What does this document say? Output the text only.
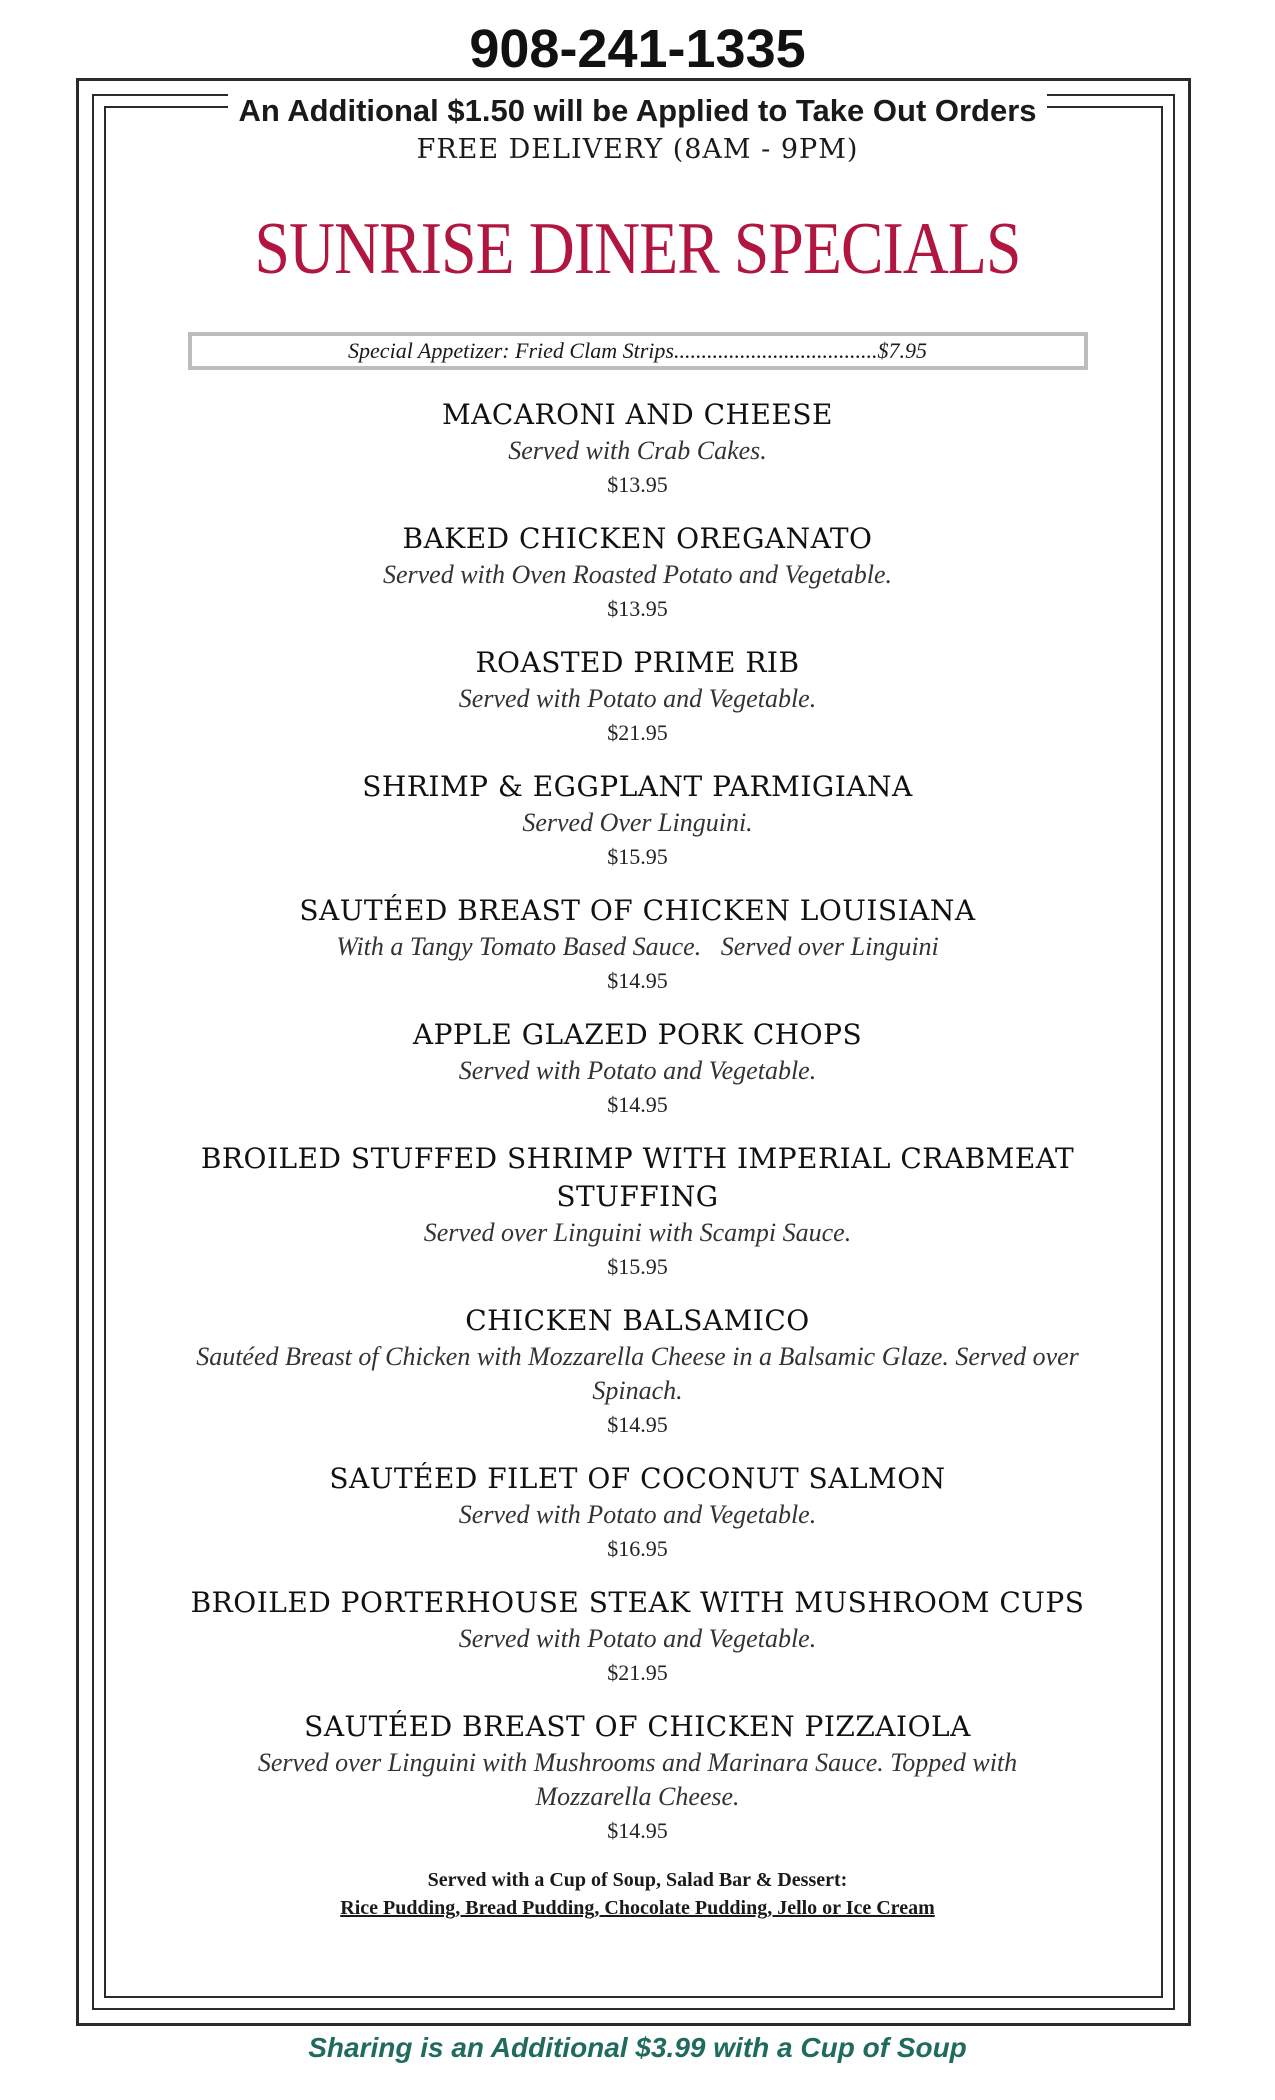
908-241-1335
An Additional $1.50 will be Applied to Take Out Orders
FREE DELIVERY (8AM - 9PM)
SUNRISE DINER SPECIALS
Special Appetizer: Fried Clam Strips.....................................$7.95
MACARONI AND CHEESE
Served with Crab Cakes.
$13.95
BAKED CHICKEN OREGANATO
Served with Oven Roasted Potato and Vegetable.
$13.95
ROASTED PRIME RIB
Served with Potato and Vegetable.
$21.95
SHRIMP & EGGPLANT PARMIGIANA
Served Over Linguini.
$15.95
SAUTÉED BREAST OF CHICKEN LOUISIANA
With a Tangy Tomato Based Sauce.   Served over Linguini
$14.95
APPLE GLAZED PORK CHOPS
Served with Potato and Vegetable.
$14.95
BROILED STUFFED SHRIMP WITH IMPERIAL CRABMEAT STUFFING
Served over Linguini with Scampi Sauce.
$15.95
CHICKEN BALSAMICO
Sautéed Breast of Chicken with Mozzarella Cheese in a Balsamic Glaze. Served over Spinach.
$14.95
SAUTÉED FILET OF COCONUT SALMON
Served with Potato and Vegetable.
$16.95
BROILED PORTERHOUSE STEAK WITH MUSHROOM CUPS
Served with Potato and Vegetable.
$21.95
SAUTÉED BREAST OF CHICKEN PIZZAIOLA
Served over Linguini with Mushrooms and Marinara Sauce. Topped with Mozzarella Cheese.
$14.95
Served with a Cup of Soup, Salad Bar & Dessert:
Rice Pudding, Bread Pudding, Chocolate Pudding, Jello or Ice Cream
Sharing is an Additional $3.99 with a Cup of Soup
